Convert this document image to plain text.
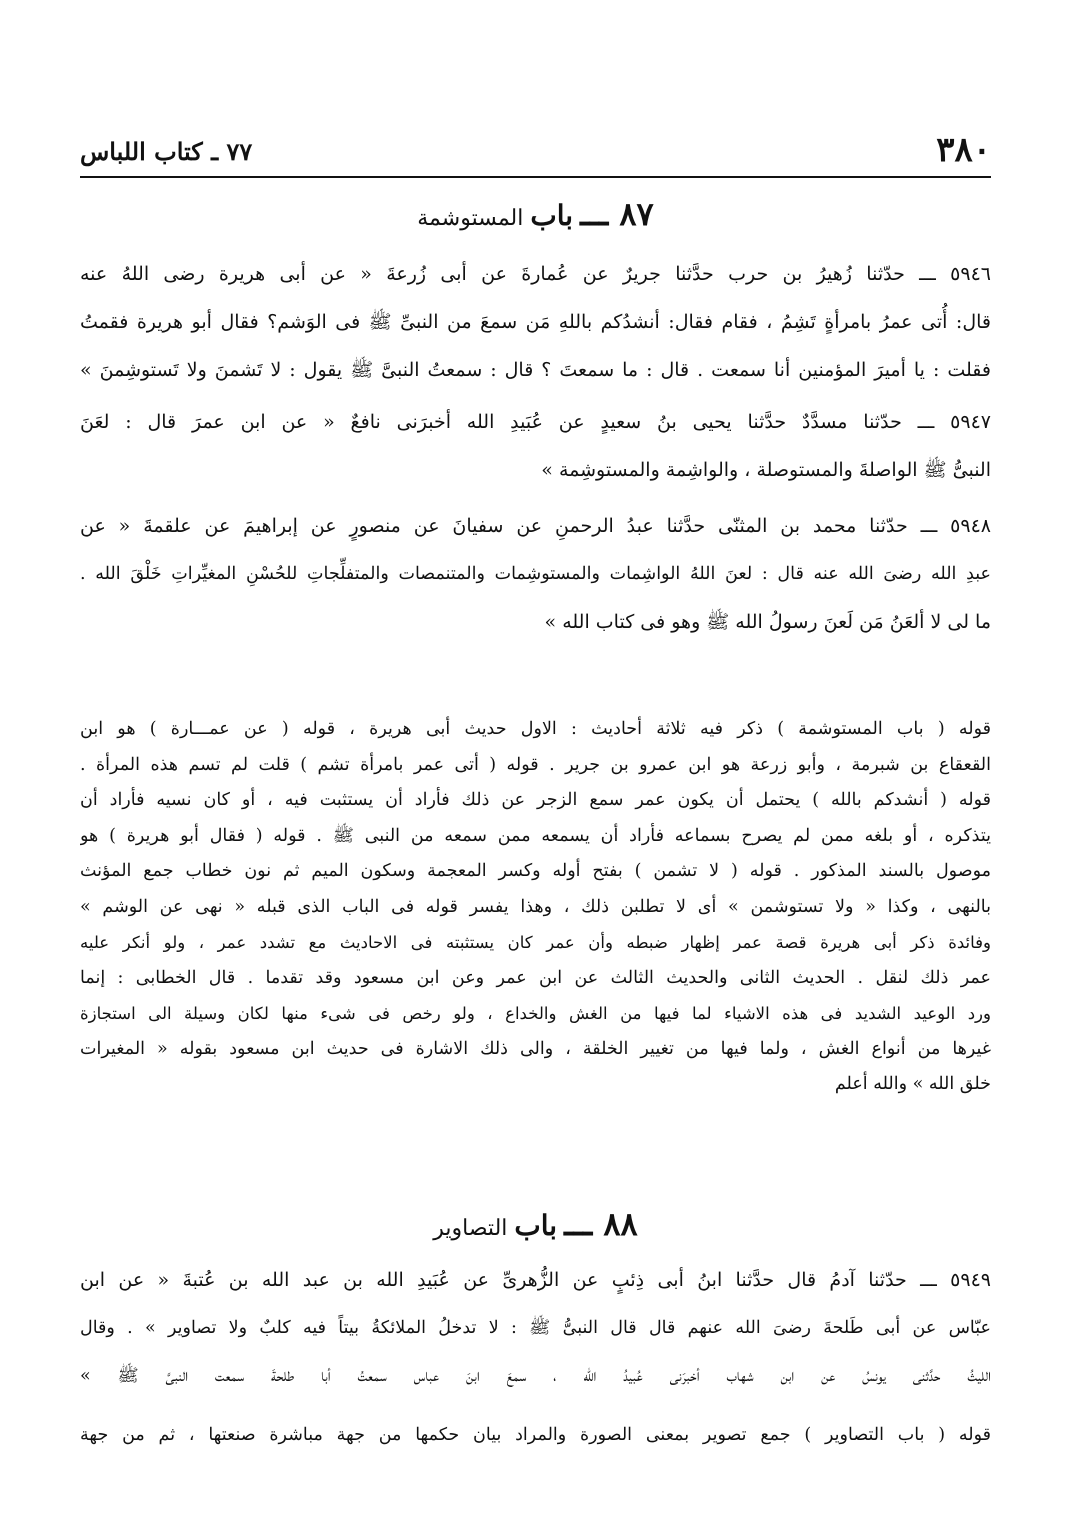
٣٨٠
٧٧ ـ كتاب اللباس
٨٧ ـــ باب المستوشمة
٥٩٤٦ ـــ حدّثنا زُهيرُ بن حرب حدَّثنا جريرٌ عن عُمارةَ عن أبى زُرعةَ « عن أبى هريرة رضى اللهُ عنه
قال: أُتى عمرُ بامرأةٍ تَشِمُ ، فقام فقال: أنشدُكم باللهِ مَن سمعَ من النبىِّ ﷺ فى الوَشم؟ فقال أبو هريرة فقمتُ
فقلت : يا أميرَ المؤمنين أنا سمعت . قال : ما سمعتَ ؟ قال : سمعتُ النبىَّ ﷺ يقول : لا تَشمنَ ولا تَستوشِمنَ »
٥٩٤٧ ـــ حدّثنا مسدَّدٌ حدَّثنا يحيى بنُ سعيدٍ عن عُبَيدِ الله أخبرَنى نافعٌ « عن ابن عمرَ قال : لعَنَ
النبىُّ ﷺ الواصلةَ والمستوصلة ، والواشِمة والمستوشِمة »
٥٩٤٨ ـــ حدّثنا محمد بن المثنّى حدَّثنا عبدُ الرحمنِ عن سفيانَ عن منصورٍ عن إبراهيمَ عن علقمةَ « عن
عبدِ الله رضىَ الله عنه قال : لعنَ اللهُ الواشِمات والمستوشِمات والمتنمصات والمتفلِّجاتِ للحُسْنِ المغيِّراتِ خَلْقَ الله .
ما لى لا ألعَنُ مَن لَعنَ رسولُ الله ﷺ وهو فى كتاب الله »
قوله ( باب المستوشمة ) ذكر فيه ثلاثة أحاديث : الاول حديث أبى هريرة ، قوله ( عن عمـــارة ) هو ابن
القعقاع بن شبرمة ، وأبو زرعة هو ابن عمرو بن جرير . قوله ( أتى عمر بامرأة تشم ) قلت لم تسم هذه المرأة .
قوله ( أنشدكم بالله ) يحتمل أن يكون عمر سمع الزجر عن ذلك فأراد أن يستثبت فيه ، أو كان نسيه فأراد أن
يتذكره ، أو بلغه ممن لم يصرح بسماعه فأراد أن يسمعه ممن سمعه من النبى ﷺ . قوله ( فقال أبو هريرة ) هو
موصول بالسند المذكور . قوله ( لا تشمن ) بفتح أوله وكسر المعجمة وسكون الميم ثم نون خطاب جمع المؤنث
بالنهى ، وكذا « ولا تستوشمن » أى لا تطلبن ذلك ، وهذا يفسر قوله فى الباب الذى قبله « نهى عن الوشم »
وفائدة ذكر أبى هريرة قصة عمر إظهار ضبطه وأن عمر كان يستثبته فى الاحاديث مع تشدد عمر ، ولو أنكر عليه
عمر ذلك لنقل . الحديث الثانى والحديث الثالث عن ابن عمر وعن ابن مسعود وقد تقدما . قال الخطابى : إنما
ورد الوعيد الشديد فى هذه الاشياء لما فيها من الغش والخداع ، ولو رخص فى شىء منها لكان وسيلة الى استجازة
غيرها من أنواع الغش ، ولما فيها من تغيير الخلقة ، والى ذلك الاشارة فى حديث ابن مسعود بقوله « المغيرات
خلق الله » والله أعلم
٨٨ ـــ باب التصاوير
٥٩٤٩ ـــ حدّثنا آدمُ قال حدَّثنا ابنُ أبى ذِئبٍ عن الزُّهرىِّ عن عُبَيدِ الله بن عبد الله بن عُتبةَ « عن ابن
عبّاس عن أبى طَلحةَ رضىَ الله عنهم قال قال النبىُّ ﷺ : لا تدخلُ الملائكةُ بيتاً فيه كلبٌ ولا تصاوير » . وقال
الليثُ حدَّثنى يونسُ عن ابن شهاب أخبرَنى عُبيدُ الله ، سمعَ ابنَ عباس سمعتُ أبا طلحةَ سمعت النبىَّ ﷺ »
قوله ( باب التصاوير ) جمع تصوير بمعنى الصورة والمراد بيان حكمها من جهة مباشرة صنعتها ، ثم من جهة
